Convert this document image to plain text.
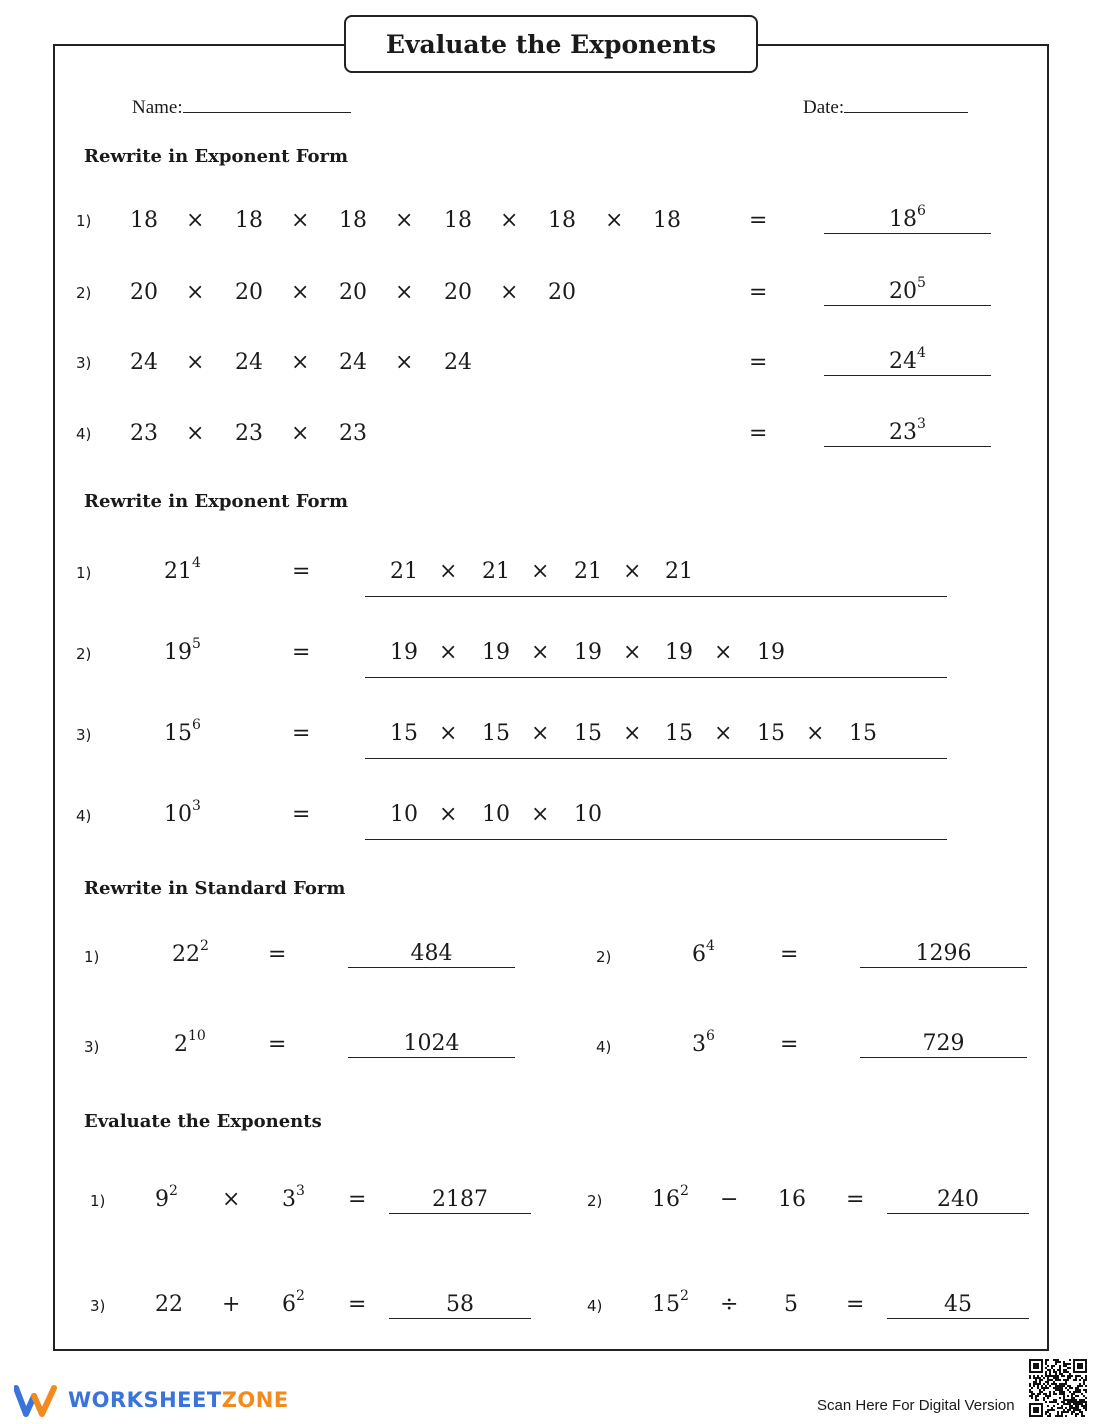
Evaluate the Exponents
Name:	Date:
Rewrite in Exponent Form
1) 18 × 18 × 18 × 18 × 18 × 18	=	$18^6$
2) 20 × 20 × 20 × 20 × 20	=	$20^5$
3) 24 × 24 × 24 × 24	=	$24^4$
4) 23 × 23 × 23	=	$23^3$
Rewrite in Exponent Form
1)	$21^4$	=	21 × 21 × 21 × 21
2)	$19^5$	=	19 × 19 × 19 × 19 × 19
3)	$15^6$	=	15 × 15 × 15 × 15 × 15 × 15
4)	$10^3$	=	10 × 10 × 10
Rewrite in Standard Form
1)	$22^2$	=	484	2)	$6^4$	=	1296
3)	$2^{10}$	=	1024	4)	$3^6$	=	729
Evaluate the Exponents
1) $9^2 \times 3^3$ =	2187	2) $16^2 - 16$ =	240
3) $22 + 6^2$ =	58	4) $15^2 \div 5$ =	45
WORKSHEETZONE	Scan Here For Digital Version
